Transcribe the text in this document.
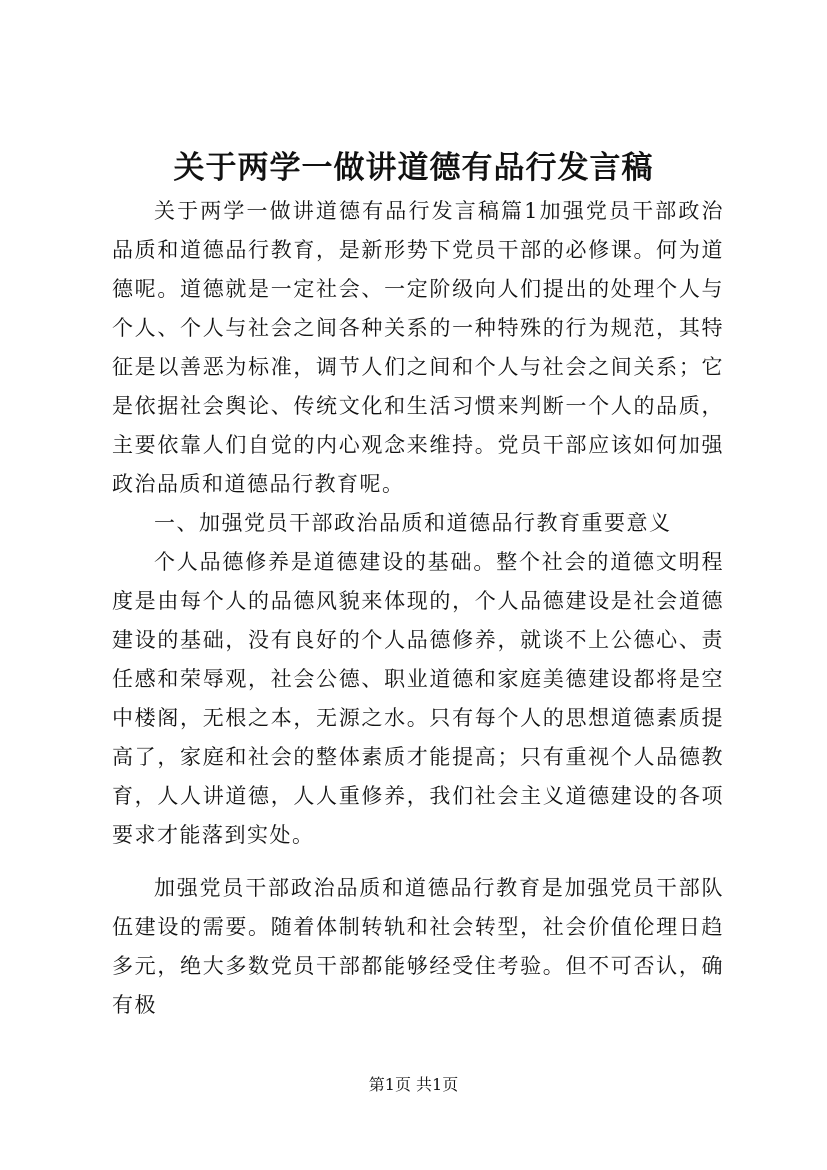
关于两学一做讲道德有品行发言稿

关于两学一做讲道德有品行发言稿篇1加强党员干部政治品质和道德品行教育，是新形势下党员干部的必修课。何为道德呢。道德就是一定社会、一定阶级向人们提出的处理个人与个人、个人与社会之间各种关系的一种特殊的行为规范，其特征是以善恶为标准，调节人们之间和个人与社会之间关系；它是依据社会舆论、传统文化和生活习惯来判断一个人的品质，主要依靠人们自觉的内心观念来维持。党员干部应该如何加强政治品质和道德品行教育呢。

一、加强党员干部政治品质和道德品行教育重要意义

个人品德修养是道德建设的基础。整个社会的道德文明程度是由每个人的品德风貌来体现的，个人品德建设是社会道德建设的基础，没有良好的个人品德修养，就谈不上公德心、责任感和荣辱观，社会公德、职业道德和家庭美德建设都将是空中楼阁，无根之本，无源之水。只有每个人的思想道德素质提高了，家庭和社会的整体素质才能提高；只有重视个人品德教育，人人讲道德，人人重修养，我们社会主义道德建设的各项要求才能落到实处。

加强党员干部政治品质和道德品行教育是加强党员干部队伍建设的需要。随着体制转轨和社会转型，社会价值伦理日趋多元，绝大多数党员干部都能够经受住考验。但不可否认，确有极

第1页 共1页
